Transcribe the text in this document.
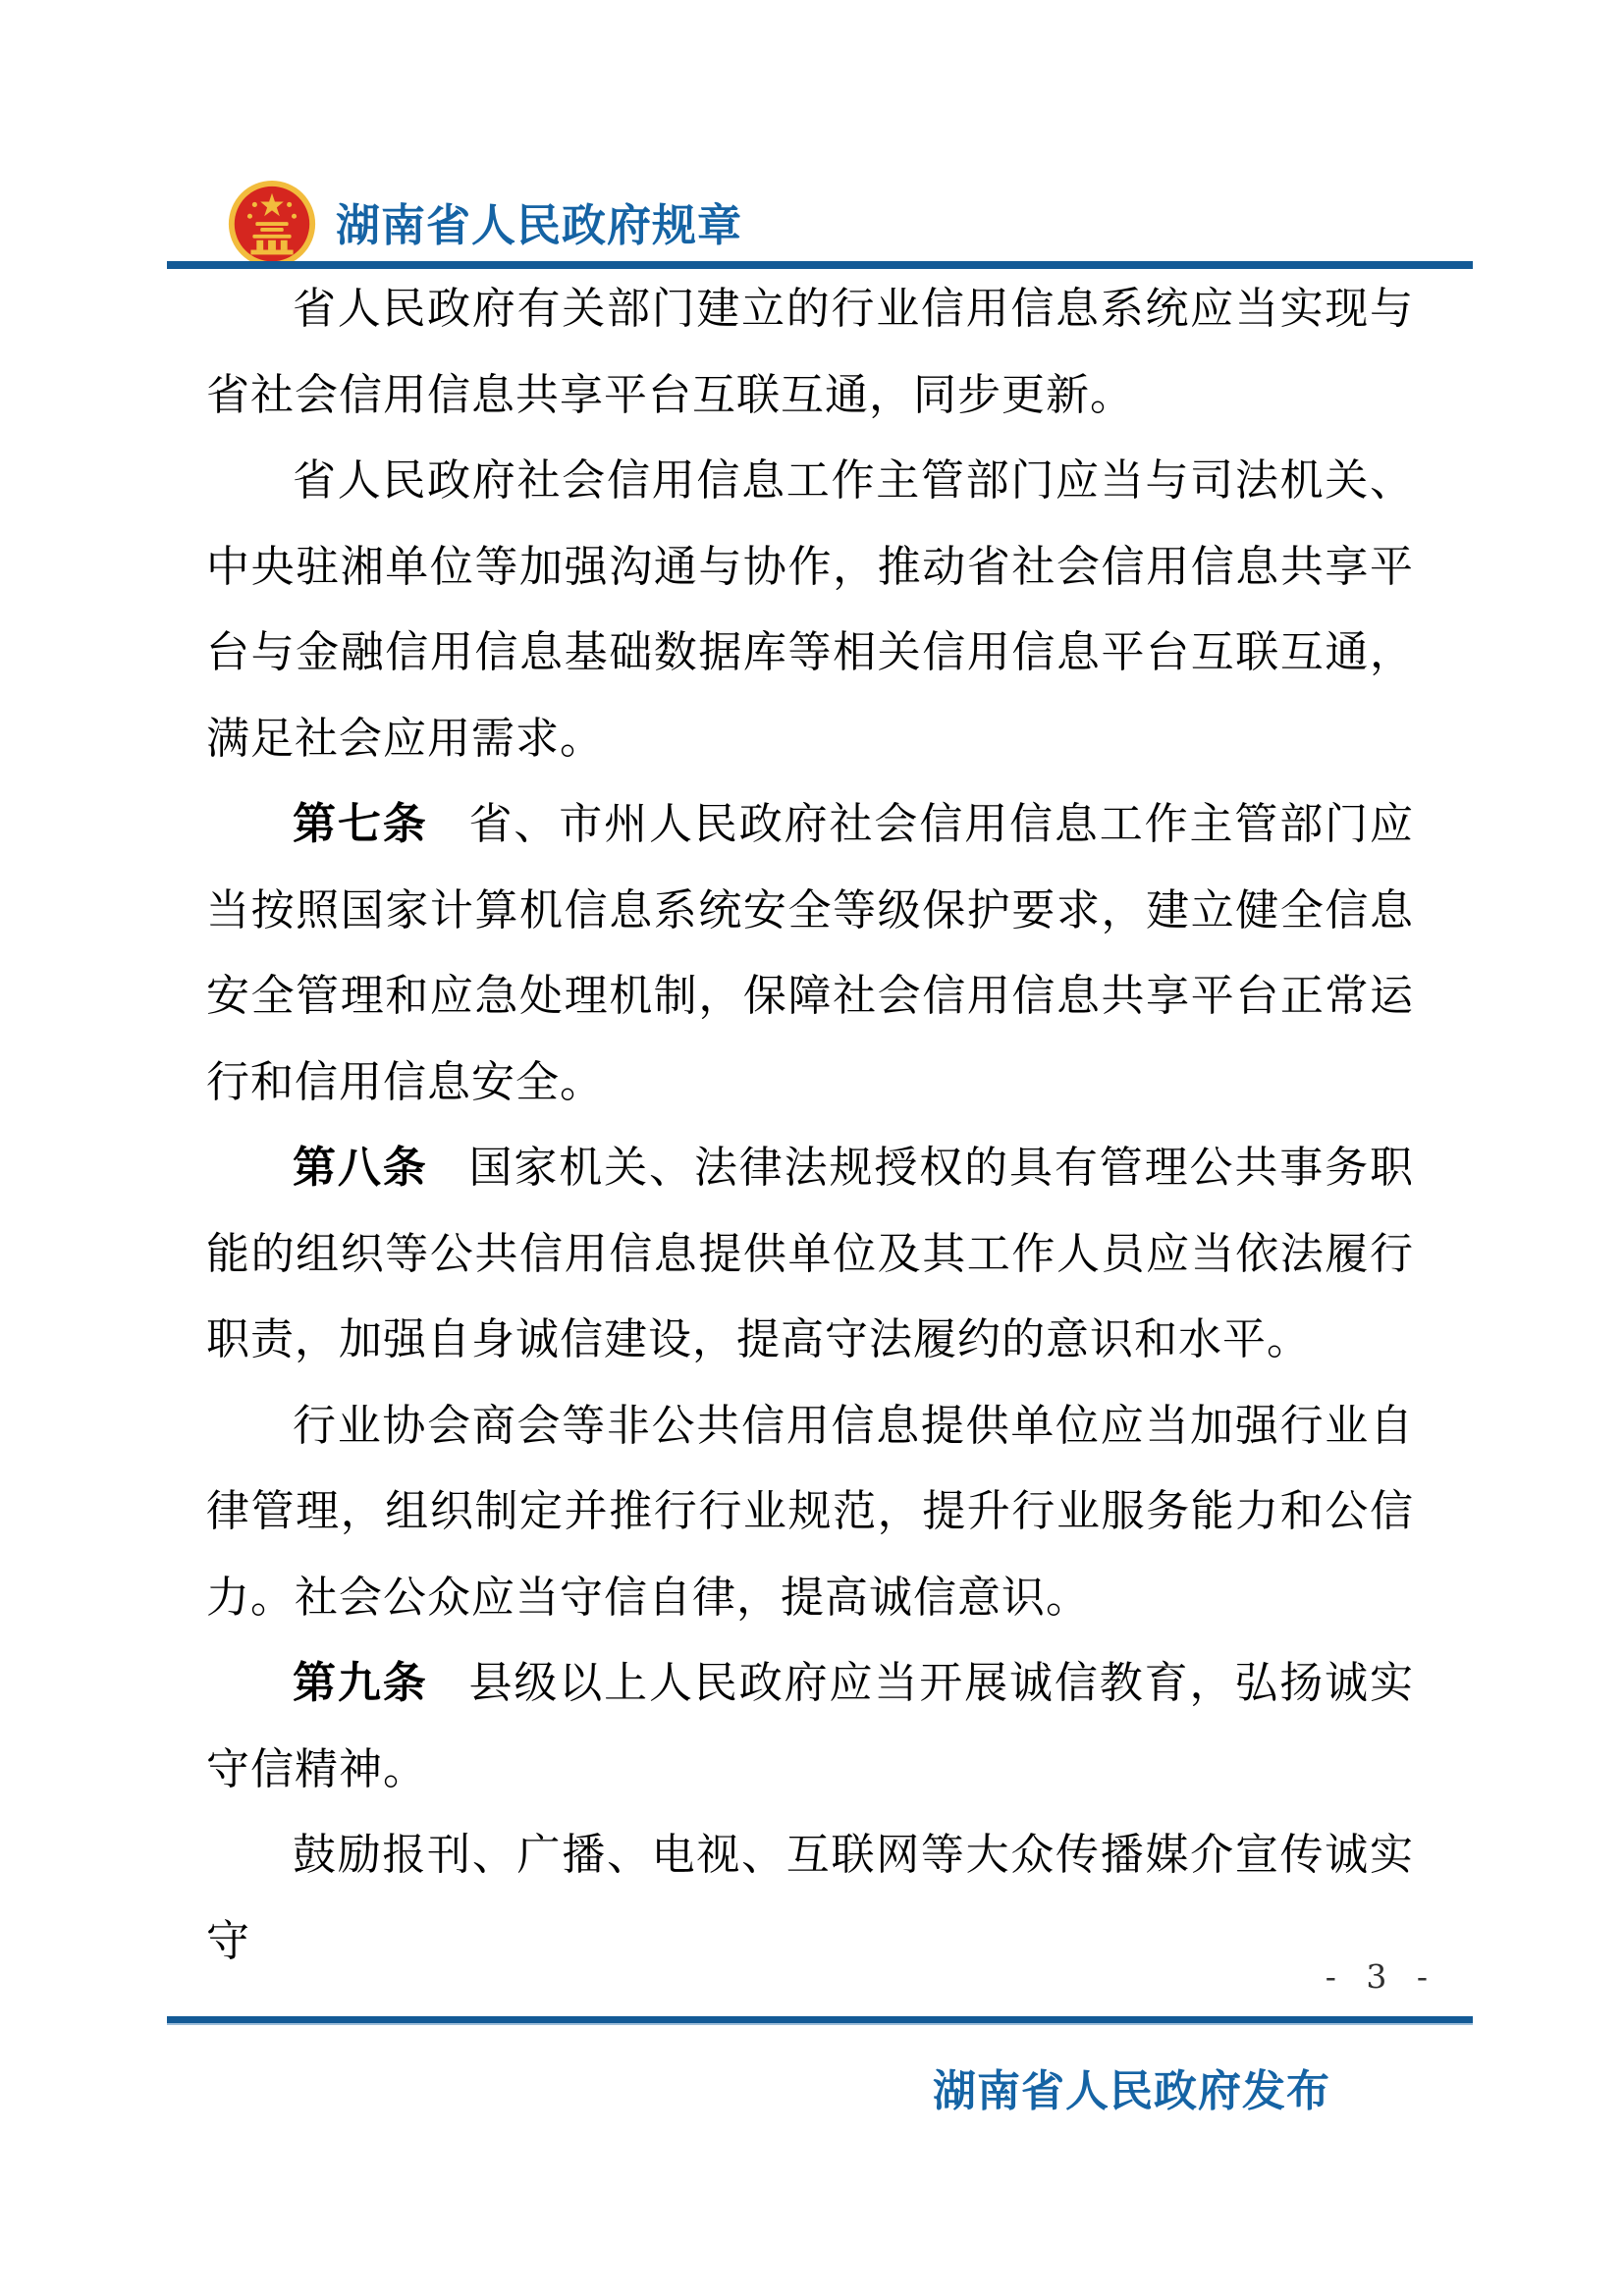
湖南省人民政府规章

省人民政府有关部门建立的行业信用信息系统应当实现与省社会信用信息共享平台互联互通，同步更新。

省人民政府社会信用信息工作主管部门应当与司法机关、中央驻湘单位等加强沟通与协作，推动省社会信用信息共享平台与金融信用信息基础数据库等相关信用信息平台互联互通，满足社会应用需求。

第七条 省、市州人民政府社会信用信息工作主管部门应当按照国家计算机信息系统安全等级保护要求，建立健全信息安全管理和应急处理机制，保障社会信用信息共享平台正常运行和信用信息安全。

第八条 国家机关、法律法规授权的具有管理公共事务职能的组织等公共信用信息提供单位及其工作人员应当依法履行职责，加强自身诚信建设，提高守法履约的意识和水平。

行业协会商会等非公共信用信息提供单位应当加强行业自律管理，组织制定并推行行业规范，提升行业服务能力和公信力。社会公众应当守信自律，提高诚信意识。

第九条 县级以上人民政府应当开展诚信教育，弘扬诚实守信精神。

鼓励报刊、广播、电视、互联网等大众传播媒介宣传诚实守

- 3 -
湖南省人民政府发布
